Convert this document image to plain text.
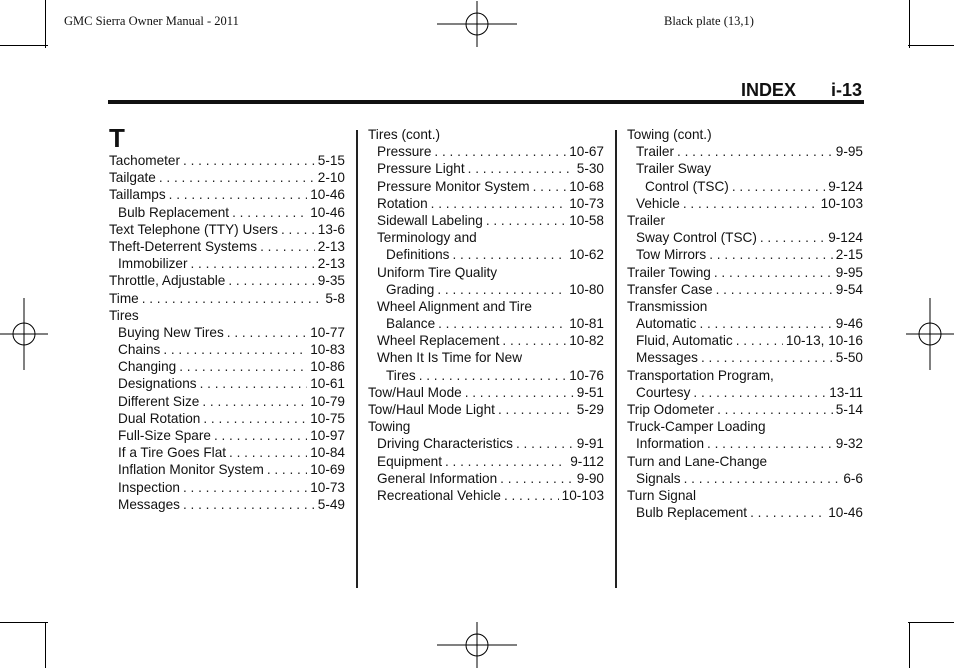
GMC Sierra Owner Manual - 2011	Black plate (13,1)
INDEX i-13
T
Tachometer . . .	5-15
Tailgate . . .	2-10
Taillamps . . .	10-46
Bulb Replacement . . .	10-46
Text Telephone (TTY) Users . . .	13-6
Theft-Deterrent Systems . . .	2-13
Immobilizer . . .	2-13
Throttle, Adjustable . . .	9-35
Time . . .	5-8
Tires
Buying New Tires . . .	10-77
Chains . . .	10-83
Changing . . .	10-86
Designations . . .	10-61
Different Size . . .	10-79
Dual Rotation . . .	10-75
Full-Size Spare . . .	10-97
If a Tire Goes Flat . . .	10-84
Inflation Monitor System . . .	10-69
Inspection . . .	10-73
Messages . . .	5-49
Tires (cont.)
Pressure . . .	10-67
Pressure Light . . .	5-30
Pressure Monitor System . . .	10-68
Rotation . . .	10-73
Sidewall Labeling . . .	10-58
Terminology and
Definitions . . .	10-62
Uniform Tire Quality
Grading . . .	10-80
Wheel Alignment and Tire
Balance . . .	10-81
Wheel Replacement . . .	10-82
When It Is Time for New
Tires . . .	10-76
Tow/Haul Mode . . .	9-51
Tow/Haul Mode Light . . .	5-29
Towing
Driving Characteristics . . .	9-91
Equipment . . .	9-112
General Information . . .	9-90
Recreational Vehicle . . .	10-103
Towing (cont.)
Trailer . . .	9-95
Trailer Sway
Control (TSC) . . .	9-124
Vehicle . . .	10-103
Trailer
Sway Control (TSC) . . .	9-124
Tow Mirrors . . .	2-15
Trailer Towing . . .	9-95
Transfer Case . . .	9-54
Transmission
Automatic . . .	9-46
Fluid, Automatic . . .	10-13, 10-16
Messages . . .	5-50
Transportation Program,
Courtesy . . .	13-11
Trip Odometer . . .	5-14
Truck-Camper Loading
Information . . .	9-32
Turn and Lane-Change
Signals . . .	6-6
Turn Signal
Bulb Replacement . . .	10-46
